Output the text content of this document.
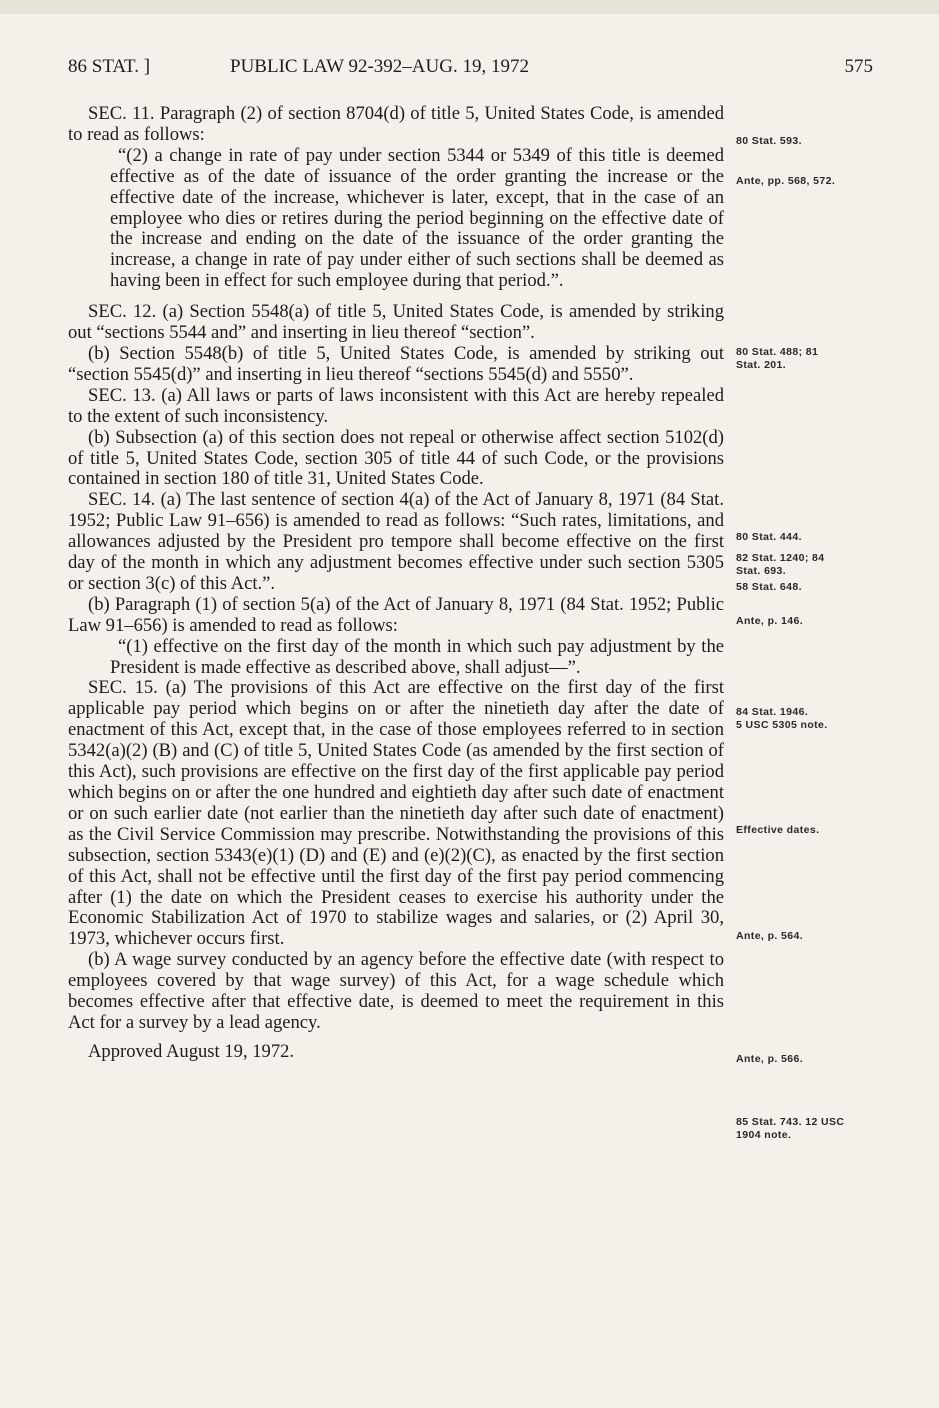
86 STAT. ]	PUBLIC LAW 92-392–AUG. 19, 1972	575

SEC. 11. Paragraph (2) of section 8704(d) of title 5, United States Code, is amended to read as follows:

“(2) a change in rate of pay under section 5344 or 5349 of this title is deemed effective as of the date of issuance of the order granting the increase or the effective date of the increase, whichever is later, except, that in the case of an employee who dies or retires during the period beginning on the effective date of the increase and ending on the date of the issuance of the order granting the increase, a change in rate of pay under either of such sections shall be deemed as having been in effect for such employee during that period.”.

SEC. 12. (a) Section 5548(a) of title 5, United States Code, is amended by striking out “sections 5544 and” and inserting in lieu thereof “section”.

(b) Section 5548(b) of title 5, United States Code, is amended by striking out “section 5545(d)” and inserting in lieu thereof “sections 5545(d) and 5550”.

SEC. 13. (a) All laws or parts of laws inconsistent with this Act are hereby repealed to the extent of such inconsistency.

(b) Subsection (a) of this section does not repeal or otherwise affect section 5102(d) of title 5, United States Code, section 305 of title 44 of such Code, or the provisions contained in section 180 of title 31, United States Code.

SEC. 14. (a) The last sentence of section 4(a) of the Act of January 8, 1971 (84 Stat. 1952; Public Law 91–656) is amended to read as follows: “Such rates, limitations, and allowances adjusted by the President pro tempore shall become effective on the first day of the month in which any adjustment becomes effective under such section 5305 or section 3(c) of this Act.”.

(b) Paragraph (1) of section 5(a) of the Act of January 8, 1971 (84 Stat. 1952; Public Law 91–656) is amended to read as follows:

“(1) effective on the first day of the month in which such pay adjustment by the President is made effective as described above, shall adjust—”.

SEC. 15. (a) The provisions of this Act are effective on the first day of the first applicable pay period which begins on or after the ninetieth day after the date of enactment of this Act, except that, in the case of those employees referred to in section 5342(a)(2) (B) and (C) of title 5, United States Code (as amended by the first section of this Act), such provisions are effective on the first day of the first applicable pay period which begins on or after the one hundred and eightieth day after such date of enactment or on such earlier date (not earlier than the ninetieth day after such date of enactment) as the Civil Service Commission may prescribe. Notwithstanding the provisions of this subsection, section 5343(e)(1) (D) and (E) and (e)(2)(C), as enacted by the first section of this Act, shall not be effective until the first day of the first pay period commencing after (1) the date on which the President ceases to exercise his authority under the Economic Stabilization Act of 1970 to stabilize wages and salaries, or (2) April 30, 1973, whichever occurs first.

(b) A wage survey conducted by an agency before the effective date (with respect to employees covered by that wage survey) of this Act, for a wage schedule which becomes effective after that effective date, is deemed to meet the requirement in this Act for a survey by a lead agency.

Approved August 19, 1972.

80 Stat. 593.
Ante, pp. 568, 572.
80 Stat. 488; 81 Stat. 201.
80 Stat. 444.
82 Stat. 1240; 84 Stat. 693.
58 Stat. 648.
Ante, p. 146.
84 Stat. 1946.
5 USC 5305 note.
Effective dates.
Ante, p. 564.
Ante, p. 566.
85 Stat. 743. 12 USC 1904 note.
